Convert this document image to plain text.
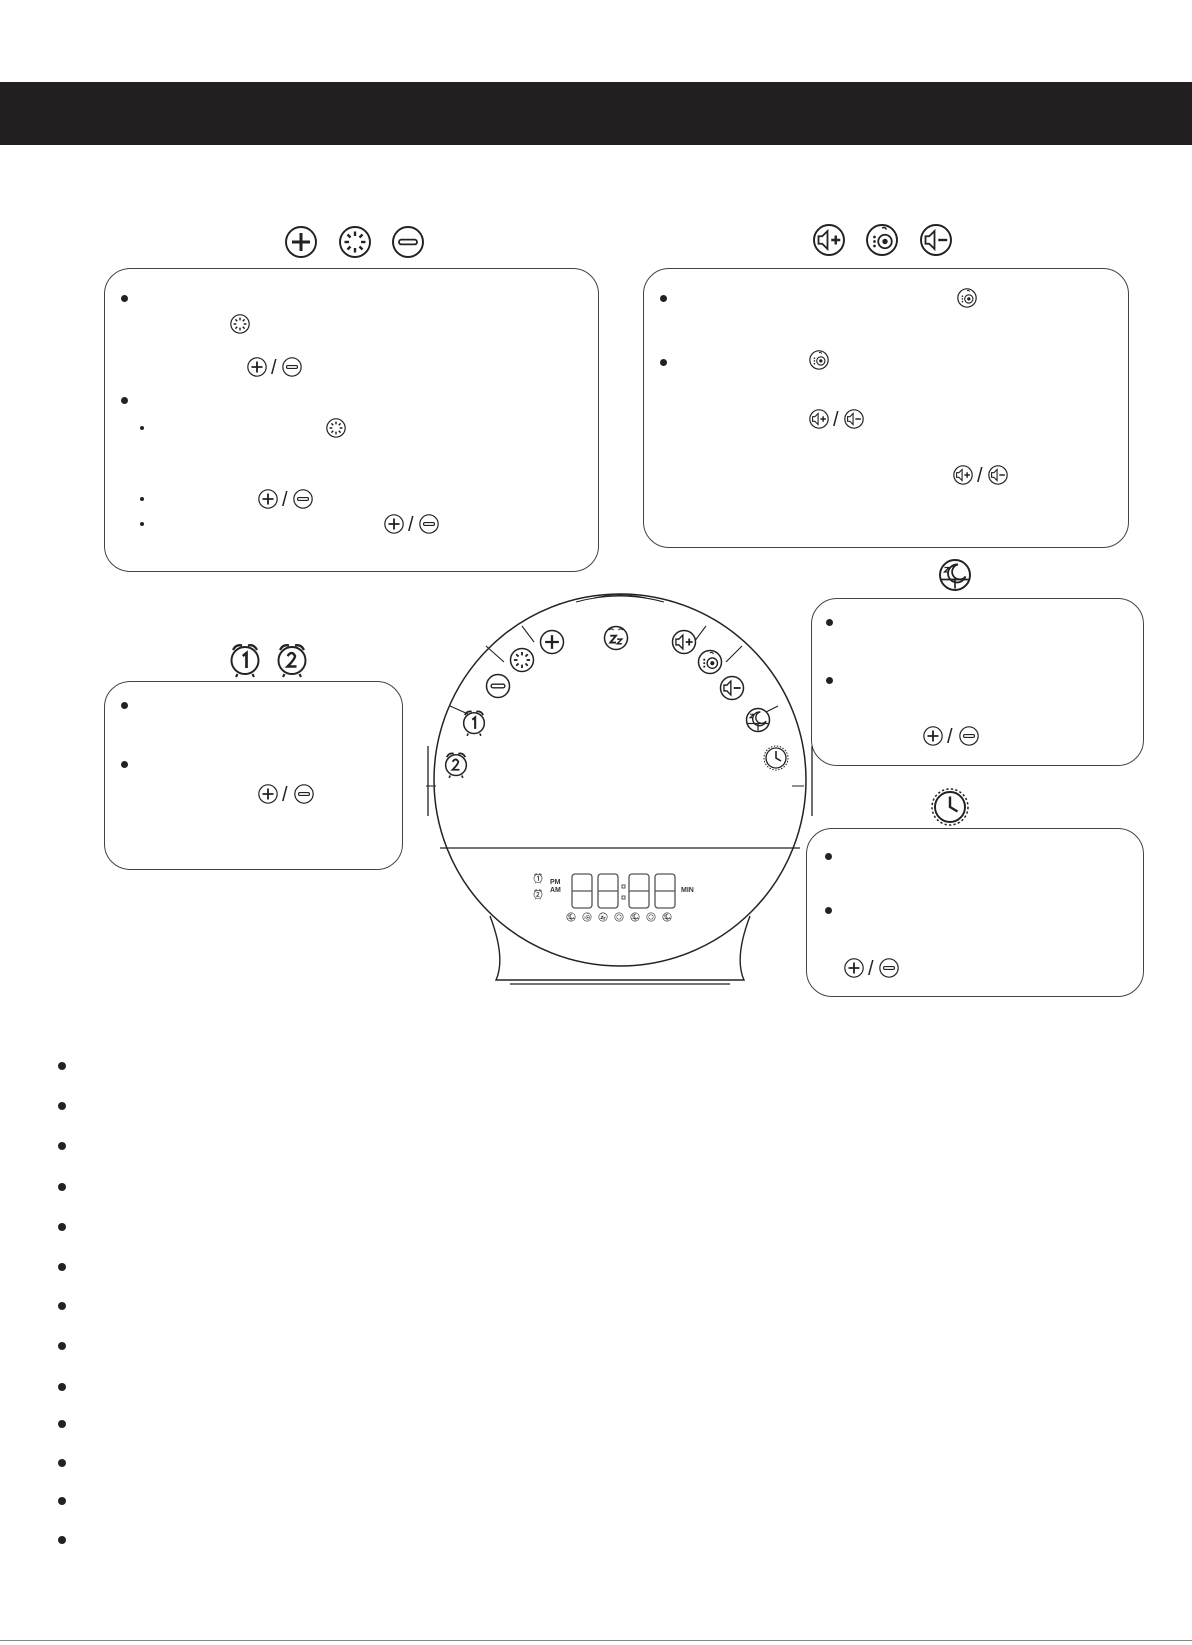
/
/
/
/
/
/
/
/
PM
AM	MIN
